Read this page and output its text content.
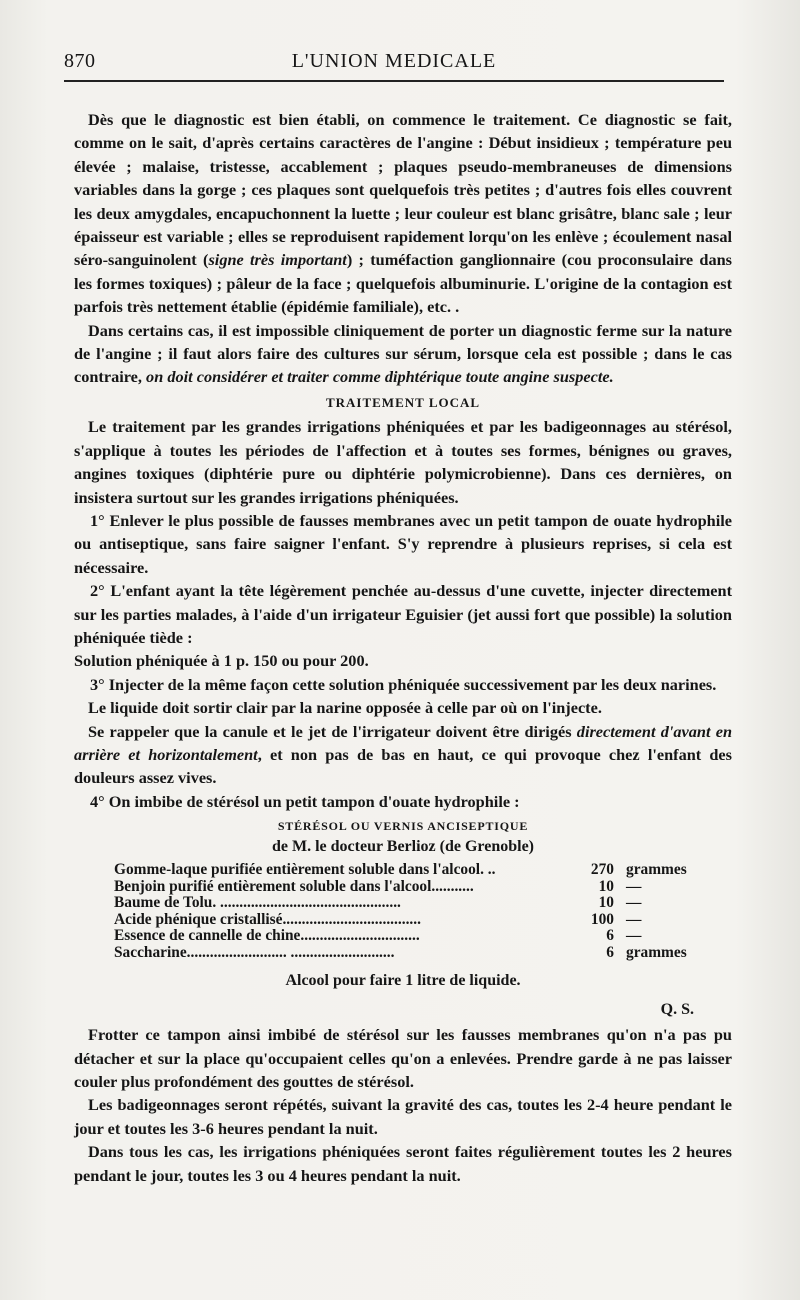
870	L'UNION MEDICALE

Dès que le diagnostic est bien établi, on commence le traitement. Ce diagnostic se fait, comme on le sait, d'après certains caractères de l'angine : Début insidieux ; température peu élevée ; malaise, tristesse, accablement ; plaques pseudo-membraneuses de dimensions variables dans la gorge ; ces plaques sont quelquefois très petites ; d'autres fois elles couvrent les deux amygdales, encapuchonnent la luette ; leur couleur est blanc grisâtre, blanc sale ; leur épaisseur est variable ; elles se reproduisent rapidement lorqu'on les enlève ; écoulement nasal séro-sanguinolent (signe très important) ; tuméfaction ganglionnaire (cou proconsulaire dans les formes toxiques) ; pâleur de la face ; quelquefois albuminurie. L'origine de la contagion est parfois très nettement établie (épidémie familiale), etc. .

Dans certains cas, il est impossible cliniquement de porter un diagnostic ferme sur la nature de l'angine ; il faut alors faire des cultures sur sérum, lorsque cela est possible ; dans le cas contraire, on doit considérer et traiter comme diphtérique toute angine suspecte.

TRAITEMENT LOCAL

Le traitement par les grandes irrigations phéniquées et par les badigeonnages au stérésol, s'applique à toutes les périodes de l'affection et à toutes ses formes, bénignes ou graves, angines toxiques (diphtérie pure ou diphtérie polymicrobienne). Dans ces dernières, on insistera surtout sur les grandes irrigations phéniquées.

1° Enlever le plus possible de fausses membranes avec un petit tampon de ouate hydrophile ou antiseptique, sans faire saigner l'enfant. S'y reprendre à plusieurs reprises, si cela est nécessaire.

2° L'enfant ayant la tête légèrement penchée au-dessus d'une cuvette, injecter directement sur les parties malades, à l'aide d'un irrigateur Eguisier (jet aussi fort que possible) la solution phéniquée tiède :

Solution phéniquée à 1 p. 150 ou pour 200.

3° Injecter de la même façon cette solution phéniquée successivement par les deux narines.

Le liquide doit sortir clair par la narine opposée à celle par où on l'injecte.

Se rappeler que la canule et le jet de l'irrigateur doivent être dirigés directement d'avant en arrière et horizontalement, et non pas de bas en haut, ce qui provoque chez l'enfant des douleurs assez vives.

4° On imbibe de stérésol un petit tampon d'ouate hydrophile :

STÉRÉSOL OU VERNIS ANCISEPTIQUE
de M. le docteur Berlioz (de Grenoble)
Gomme-laque purifiée entièrement soluble dans l'alcool. ..	270	grammes
Benjoin purifié entièrement soluble dans l'alcool...........	10	—
Baume de Tolu. ...............................................	10	—
Acide phénique cristallisé....................................	100	—
Essence de cannelle de chine...............................	6	—
Saccharine.......................... ...........................	6	grammes
Alcool pour faire 1 litre de liquide.
Q. S.

Frotter ce tampon ainsi imbibé de stérésol sur les fausses membranes qu'on n'a pas pu détacher et sur la place qu'occupaient celles qu'on a enlevées. Prendre garde à ne pas laisser couler plus profondément des gouttes de stérésol.

Les badigeonnages seront répétés, suivant la gravité des cas, toutes les 2-4 heure pendant le jour et toutes les 3-6 heures pendant la nuit.

Dans tous les cas, les irrigations phéniquées seront faites régulièrement toutes les 2 heures pendant le jour, toutes les 3 ou 4 heures pendant la nuit.
